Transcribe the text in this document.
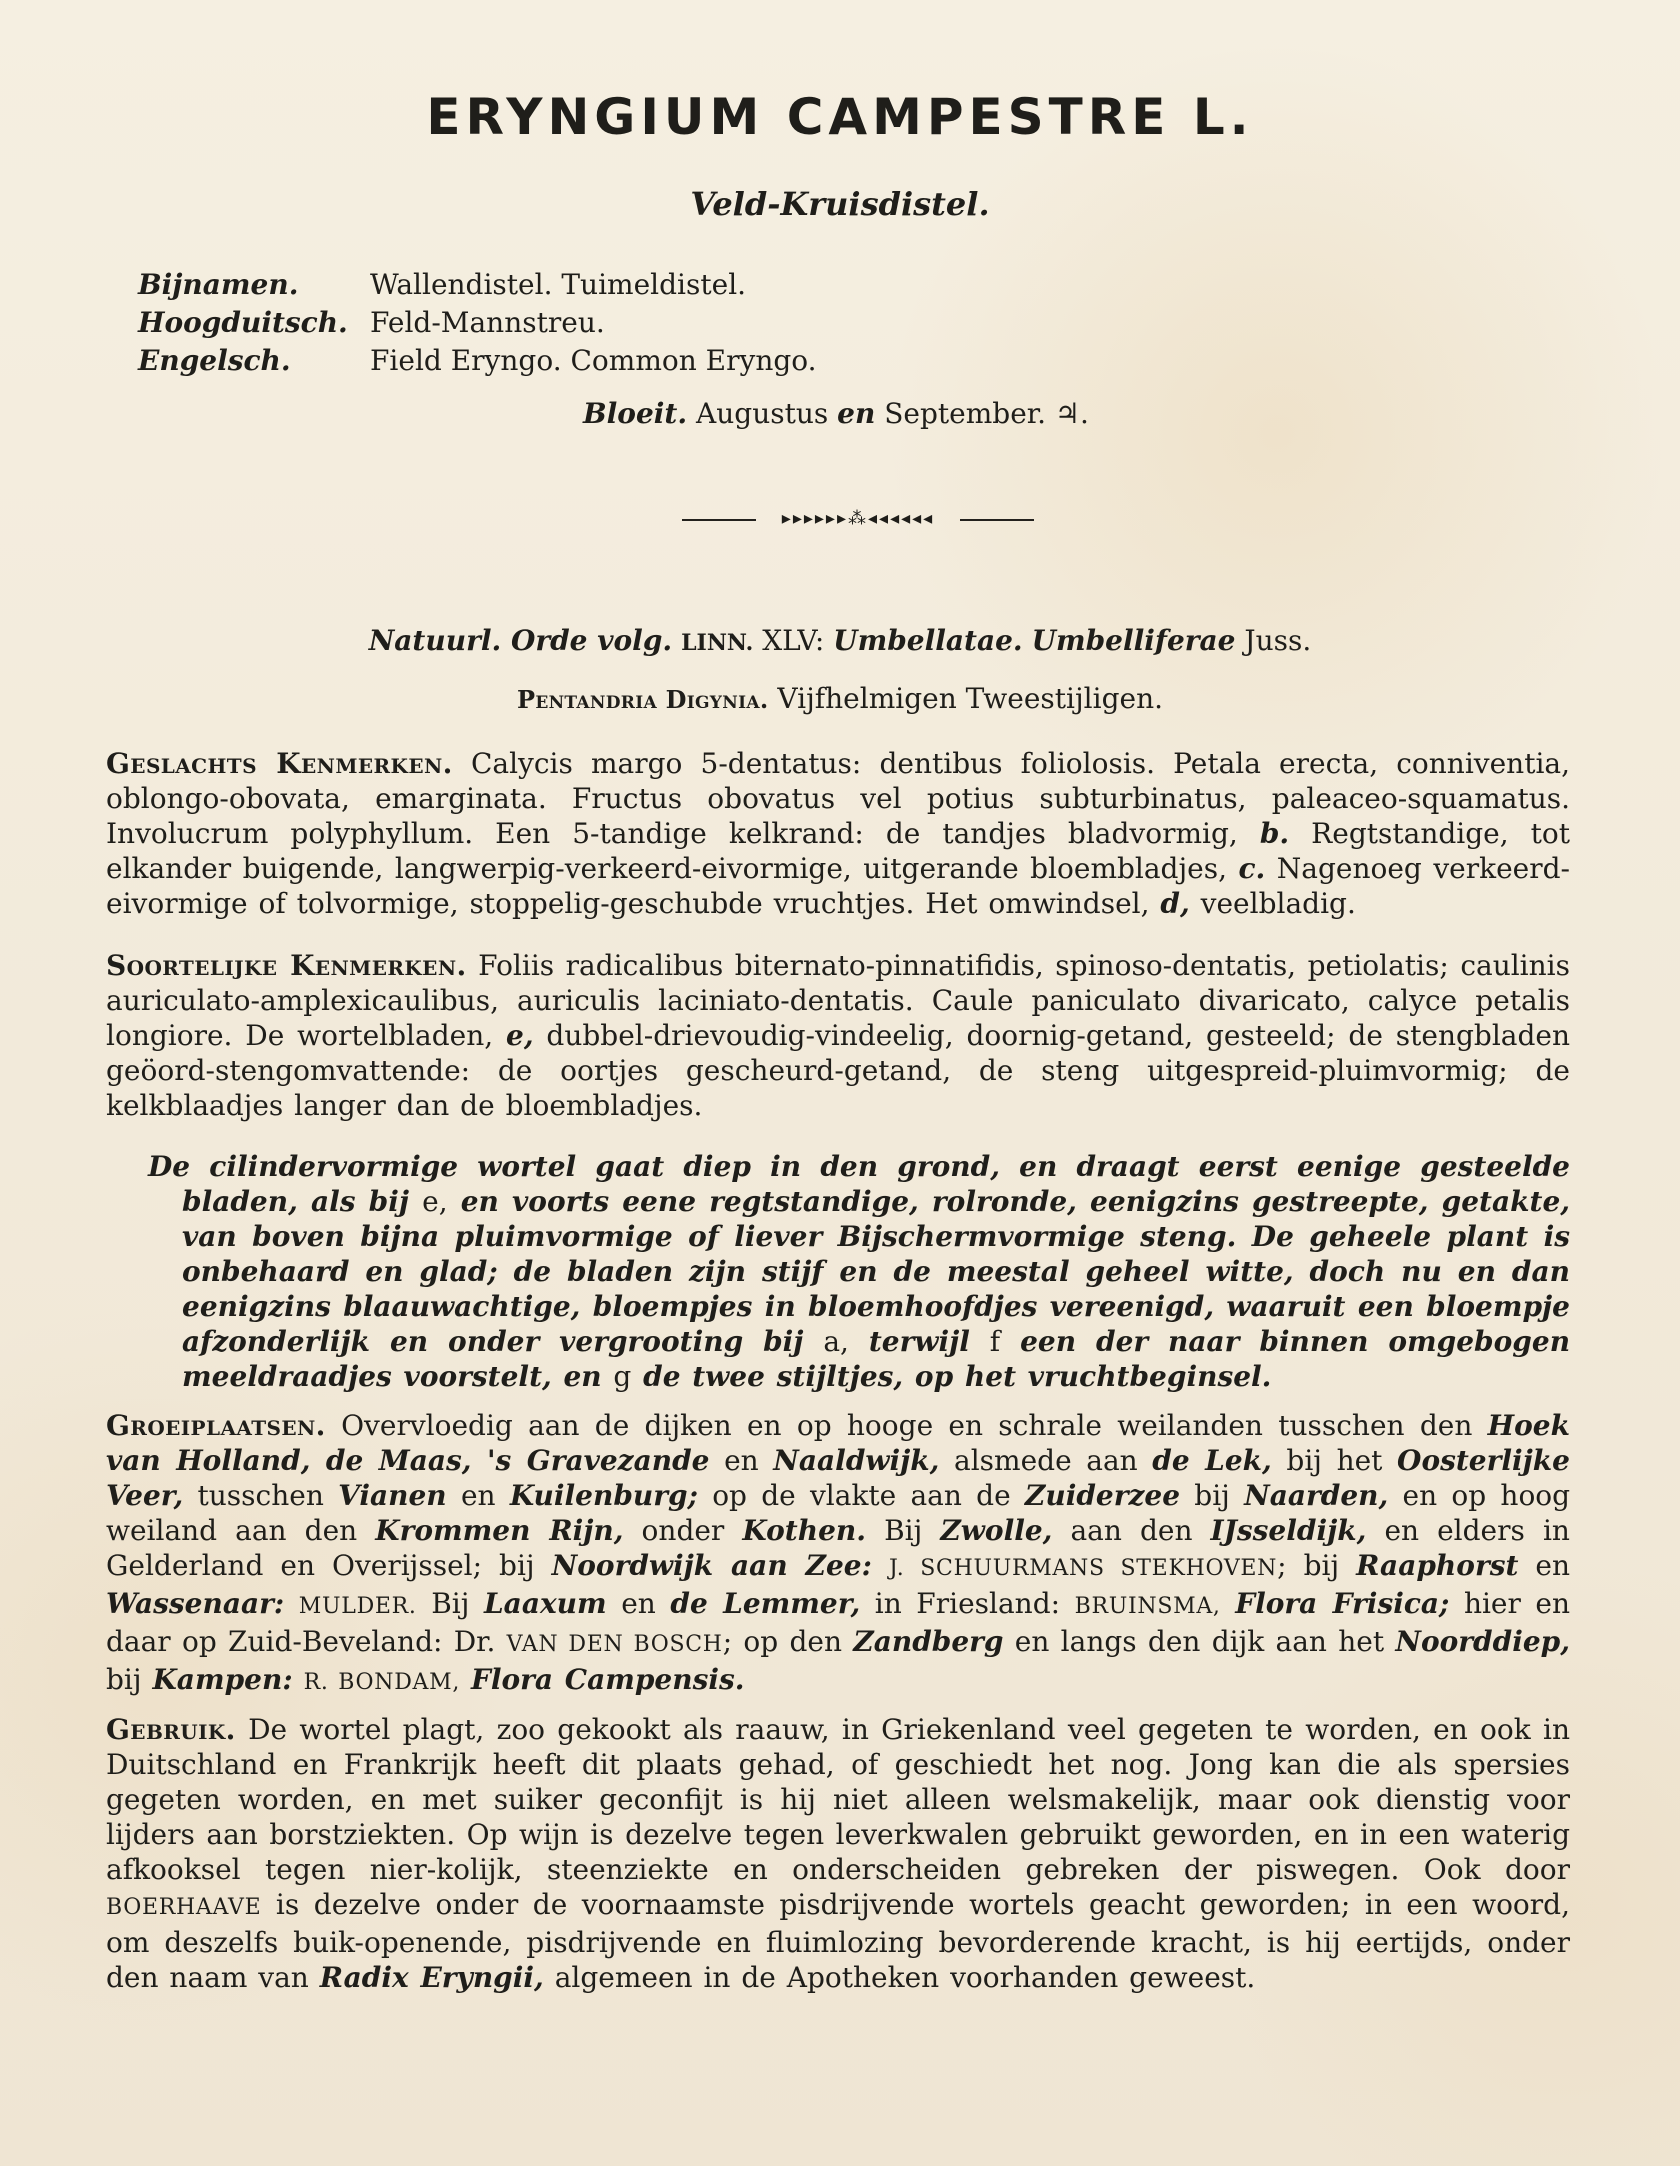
ERYNGIUM CAMPESTRE L.
Veld-Kruisdistel.
Bijnamen.	Wallendistel. Tuimeldistel.
Hoogduitsch. Feld-Mannstreu.
Engelsch.	Field Eryngo. Common Eryngo.
Bloeit. Augustus en September. ♃.
▸▸▸▸▸▸⁂◂◂◂◂◂◂
Natuurl. Orde volg. LINN. XLV: Umbellatae. Umbelliferae Juss.
Pentandria Digynia. Vijfhelmigen Tweestijligen.
Geslachts Kenmerken. Calycis margo 5-dentatus: dentibus foliolosis. Petala erecta, conniventia, oblongo-obovata, emarginata. Fructus obovatus vel potius subturbinatus, paleaceo-squamatus. Involucrum polyphyllum. Een 5-tandige kelkrand: de tandjes bladvormig, b. Regtstandige, tot elkander buigende, langwerpig-verkeerd-eivormige, uitgerande bloembladjes, c. Nagenoeg verkeerd-eivormige of tolvormige, stoppelig-geschubde vruchtjes. Het omwindsel, d, veelbladig.
Soortelijke Kenmerken. Foliis radicalibus biternato-pinnatifidis, spinoso-dentatis, petiolatis; caulinis auriculato-amplexicaulibus, auriculis laciniato-dentatis. Caule paniculato divaricato, calyce petalis longiore. De wortelbladen, e, dubbel-drievoudig-vindeelig, doornig-getand, gesteeld; de stengbladen geöord-stengomvattende: de oortjes gescheurd-getand, de steng uitgespreid-pluimvormig; de kelkblaadjes langer dan de bloembladjes.
De cilindervormige wortel gaat diep in den grond, en draagt eerst eenige gesteelde bladen, als bij e, en voorts eene regtstandige, rolronde, eenigzins gestreepte, getakte, van boven bijna pluimvormige of liever Bijschermvormige steng. De geheele plant is onbehaard en glad; de bladen zijn stijf en de meestal geheel witte, doch nu en dan eenigzins blaauwachtige, bloempjes in bloemhoofdjes vereenigd, waaruit een bloempje afzonderlijk en onder vergrooting bij a, terwijl f een der naar binnen omgebogen meeldraadjes voorstelt, en g de twee stijltjes, op het vruchtbeginsel.
Groeiplaatsen. Overvloedig aan de dijken en op hooge en schrale weilanden tusschen den Hoek van Holland, de Maas, 's Gravezande en Naaldwijk, alsmede aan de Lek, bij het Oosterlijke Veer, tusschen Vianen en Kuilenburg; op de vlakte aan de Zuiderzee bij Naarden, en op hoog weiland aan den Krommen Rijn, onder Kothen. Bij Zwolle, aan den IJsseldijk, en elders in Gelderland en Overijssel; bij Noordwijk aan Zee: J. SCHUURMANS STEKHOVEN; bij Raaphorst en Wassenaar: MULDER. Bij Laaxum en de Lemmer, in Friesland: BRUINSMA, Flora Frisica; hier en daar op Zuid-Beveland: Dr. VAN DEN BOSCH; op den Zandberg en langs den dijk aan het Noorddiep, bij Kampen: R. BONDAM, Flora Campensis.
Gebruik. De wortel plagt, zoo gekookt als raauw, in Griekenland veel gegeten te worden, en ook in Duitschland en Frankrijk heeft dit plaats gehad, of geschiedt het nog. Jong kan die als spersies gegeten worden, en met suiker geconfijt is hij niet alleen welsmakelijk, maar ook dienstig voor lijders aan borstziekten. Op wijn is dezelve tegen leverkwalen gebruikt geworden, en in een waterig afkooksel tegen nier-kolijk, steenziekte en onderscheiden gebreken der piswegen. Ook door BOERHAAVE is dezelve onder de voornaamste pisdrijvende wortels geacht geworden; in een woord, om deszelfs buik-openende, pisdrijvende en fluimlozing bevorderende kracht, is hij eertijds, onder den naam van Radix Eryngii, algemeen in de Apotheken voorhanden geweest.
